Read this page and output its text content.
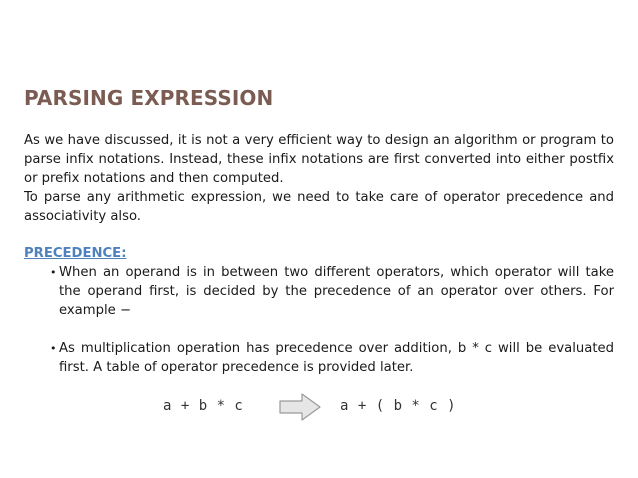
PARSING EXPRESSION

As we have discussed, it is not a very efficient way to design an algorithm or program to parse infix notations. Instead, these infix notations are first converted into either postfix or prefix notations and then computed.

To parse any arithmetic expression, we need to take care of operator precedence and associativity also.

PRECEDENCE:
• When an operand is in between two different operators, which operator will take the operand first, is decided by the precedence of an operator over others. For example −
• As multiplication operation has precedence over addition, b * c will be evaluated first. A table of operator precedence is provided later.
a + b * c	a + ( b * c )
